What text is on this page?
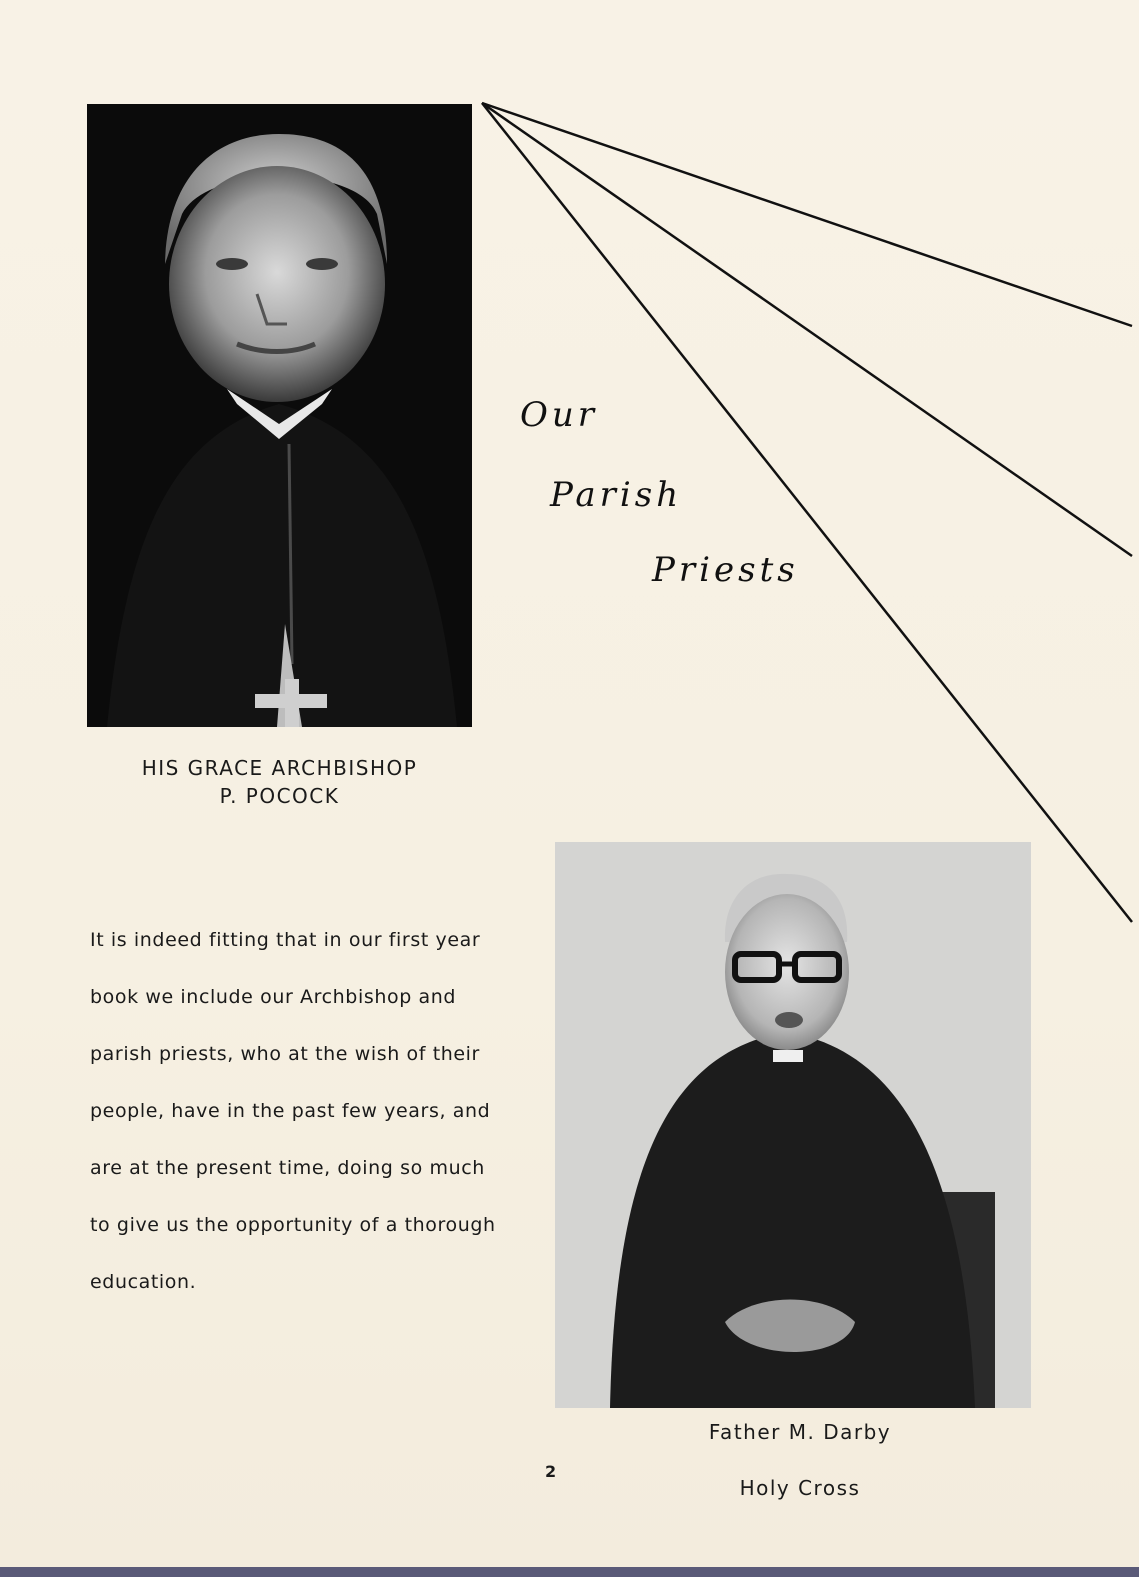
HIS GRACE ARCHBISHOP
P. POCOCK
Our
Parish
Priests
It is indeed fitting that in our first year
book we include our Archbishop and
parish priests, who at the wish of their
people, have in the past few years, and
are at the present time, doing so much
to give us the opportunity of a thorough
education.
Father M. Darby
Holy Cross
2
